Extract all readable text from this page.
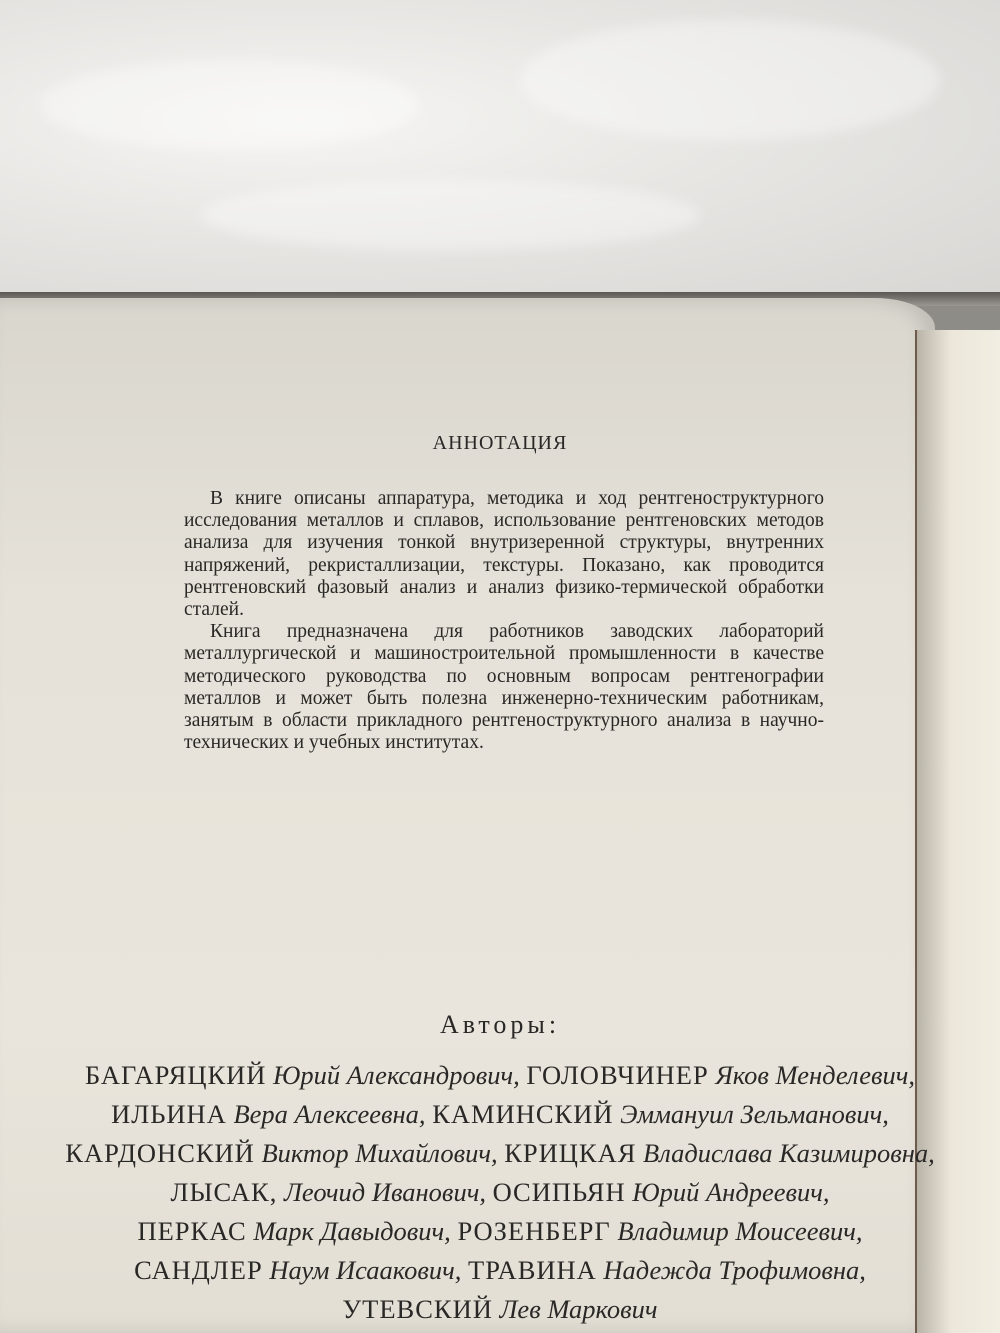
АННОТАЦИЯ

В книге описаны аппаратура, методика и ход рентгеноструктурного исследования металлов и сплавов, использование рентгеновских методов анализа для изучения тонкой внутризеренной структуры, внутренних напряжений, рекристаллизации, текстуры. Показано, как проводится рентгеновский фазовый анализ и анализ физико-термической обработки сталей.

Книга предназначена для работников заводских лабораторий металлургической и машиностроительной промышленности в качестве методического руководства по основным вопросам рентгенографии металлов и может быть полезна инженерно-техническим работникам, занятым в области прикладного рентгеноструктурного анализа в научно-технических и учебных институтах.

Авторы:
БАГАРЯЦКИЙ Юрий Александрович, ГОЛОВЧИНЕР Яков Менделевич,
ИЛЬИНА Вера Алексеевна, КАМИНСКИЙ Эммануил Зельманович,
КАРДОНСКИЙ Виктор Михайлович, КРИЦКАЯ Владислава Казимировна,
ЛЫСАК, Леочид Иванович, ОСИПЬЯН Юрий Андреевич,
ПЕРКАС Марк Давыдович, РОЗЕНБЕРГ Владимир Моисеевич,
САНДЛЕР Наум Исаакович, ТРАВИНА Надежда Трофимовна,
УТЕВСКИЙ Лев Маркович
